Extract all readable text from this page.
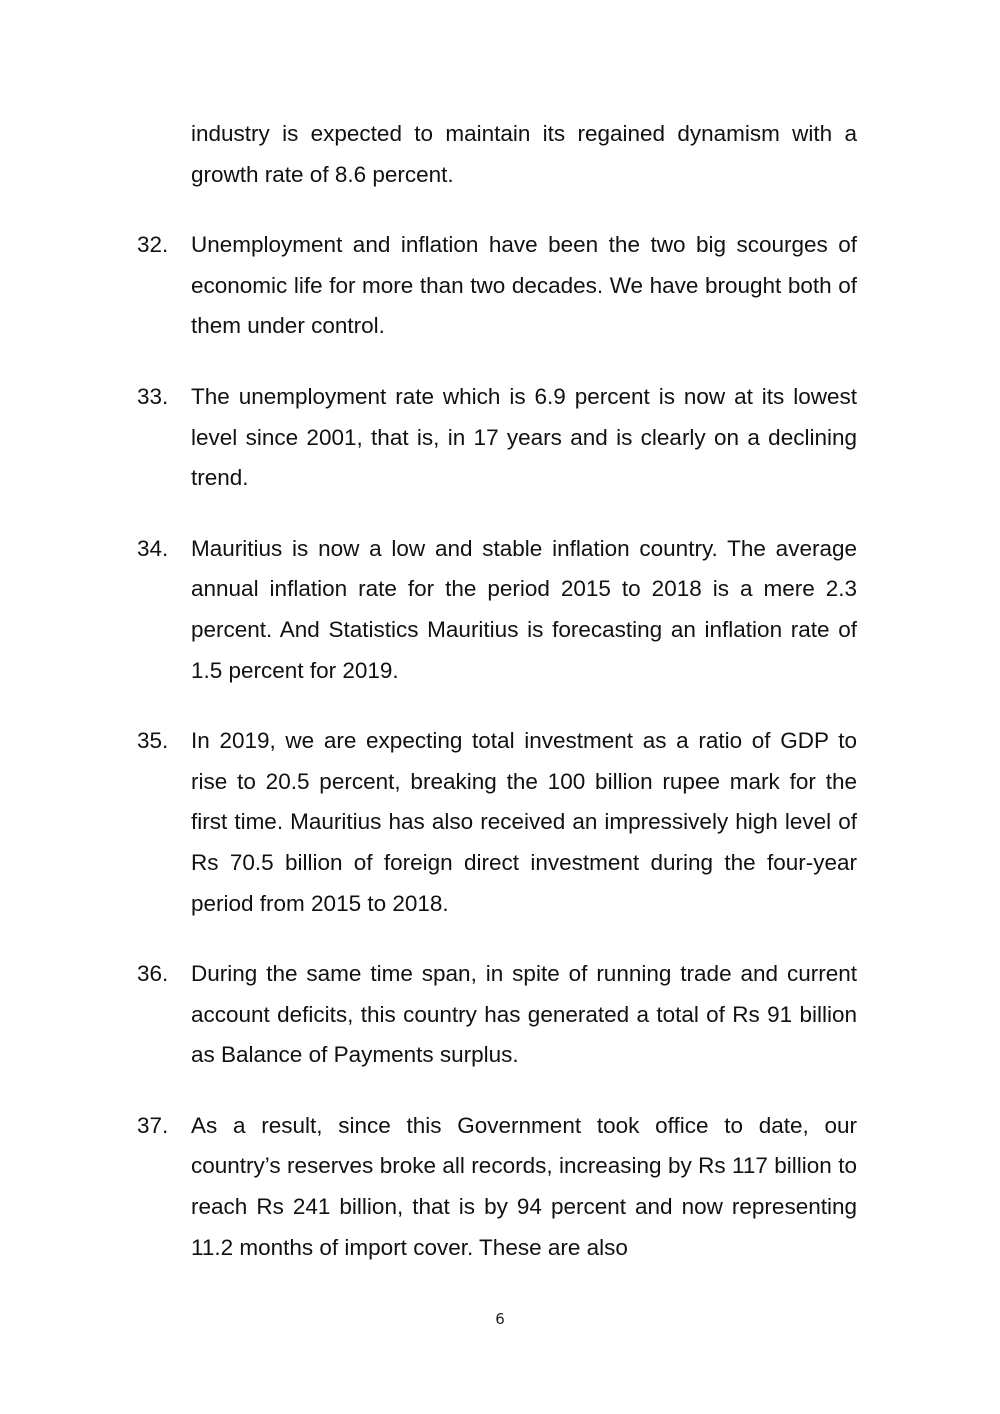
industry is expected to maintain its regained dynamism with a growth rate of 8.6 percent.
32.	Unemployment and inflation have been the two big scourges of economic life for more than two decades. We have brought both of them under control.
33.	The unemployment rate which is 6.9 percent is now at its lowest level since 2001, that is, in 17 years and is clearly on a declining trend.
34.	Mauritius is now a low and stable inflation country. The average annual inflation rate for the period 2015 to 2018 is a mere 2.3 percent. And Statistics Mauritius is forecasting an inflation rate of 1.5 percent for 2019.
35.	In 2019, we are expecting total investment as a ratio of GDP to rise to 20.5 percent, breaking the 100 billion rupee mark for the first time. Mauritius has also received an impressively high level of Rs 70.5 billion of foreign direct investment during the four-year period from 2015 to 2018.
36.	During the same time span, in spite of running trade and current account deficits, this country has generated a total of Rs 91 billion as Balance of Payments surplus.
37.	As a result, since this Government took office to date, our country’s reserves broke all records, increasing by Rs 117 billion to reach Rs 241 billion, that is by 94 percent and now representing 11.2 months of import cover. These are also
6
